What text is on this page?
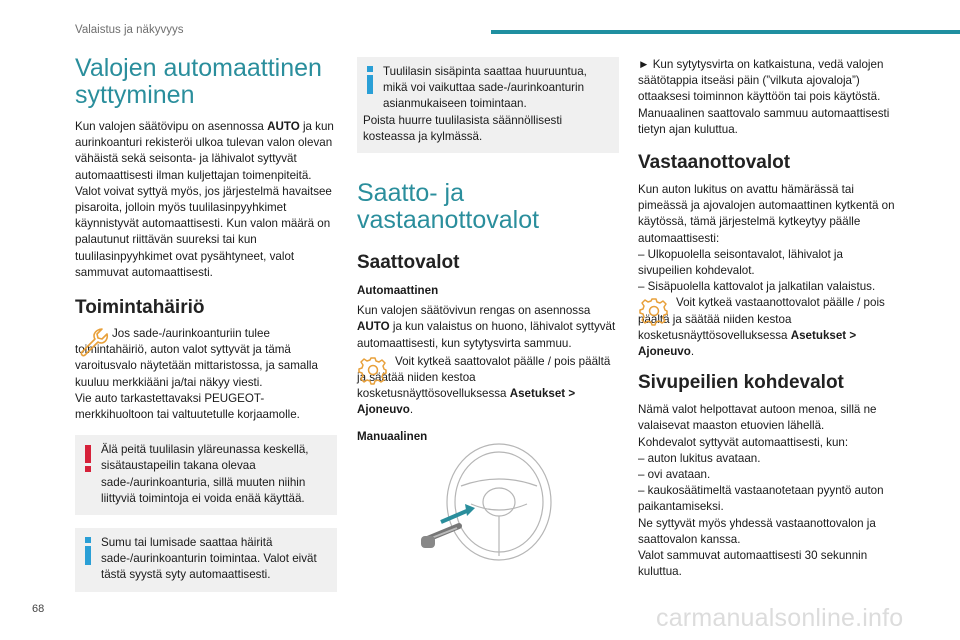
Valaistus ja näkyvyys
Valojen automaattinen syttyminen

Kun valojen säätövipu on asennossa AUTO ja kun aurinkoanturi rekisteröi ulkoa tulevan valon olevan vähäistä sekä seisonta- ja lähivalot syttyvät automaattisesti ilman kuljettajan toimenpiteitä. Valot voivat syttyä myös, jos järjestelmä havaitsee pisaroita, jolloin myös tuulilasinpyyhkimet käynnistyvät automaattisesti. Kun valon määrä on palautunut riittävän suureksi tai kun tuulilasinpyyhkimet ovat pysähtyneet, valot sammuvat automaattisesti.

Toimintahäiriö

Jos sade-/aurinkoanturiin tulee toimintahäiriö, auton valot syttyvät ja tämä varoitusvalo näytetään mittaristossa, ja samalla kuuluu merkkiääni ja/tai näkyy viesti.

Vie auto tarkastettavaksi PEUGEOT-merkkihuoltoon tai valtuutetulle korjaamolle.

Älä peitä tuulilasin yläreunassa keskellä, sisätaustapeilin takana olevaa sade-/aurinkoanturia, sillä muuten niihin liittyviä toimintoja ei voida enää käyttää.
Sumu tai lumisade saattaa häiritä sade-/aurinkoanturin toimintaa. Valot eivät tästä syystä syty automaattisesti.
Tuulilasin sisäpinta saattaa huuruuntua, mikä voi vaikuttaa sade-/aurinkoanturin asianmukaiseen toimintaan.
Poista huurre tuulilasista säännöllisesti kosteassa ja kylmässä.
Saatto- ja vastaanottovalot
Saattovalot

Automaattinen

Kun valojen säätövivun rengas on asennossa AUTO ja kun valaistus on huono, lähivalot syttyvät automaattisesti, kun sytytysvirta sammuu.

Voit kytkeä saattovalot päälle / pois päältä ja säätää niiden kestoa kosketusnäyttösovelluksessa Asetukset > Ajoneuvo.

Manuaalinen

► Kun sytytysvirta on katkaistuna, vedä valojen säätötappia itseäsi päin (”vilkuta ajovaloja”) ottaaksesi toiminnon käyttöön tai pois käytöstä. Manuaalinen saattovalo sammuu automaattisesti tietyn ajan kuluttua.

Vastaanottovalot

Kun auton lukitus on avattu hämärässä tai pimeässä ja ajovalojen automaattinen kytkentä on käytössä, tämä järjestelmä kytkeytyy päälle automaattisesti:

– Ulkopuolella seisontavalot, lähivalot ja sivupeilien kohdevalot.

– Sisäpuolella kattovalot ja jalkatilan valaistus.

Voit kytkeä vastaanottovalot päälle / pois päältä ja säätää niiden kestoa kosketusnäyttösovelluksessa Asetukset > Ajoneuvo.

Sivupeilien kohdevalot

Nämä valot helpottavat autoon menoa, sillä ne valaisevat maaston etuovien lähellä.

Kohdevalot syttyvät automaattisesti, kun:

– auton lukitus avataan.

– ovi avataan.

– kaukosäätimeltä vastaanotetaan pyyntö auton paikantamiseksi.

Ne syttyvät myös yhdessä vastaanottovalon ja saattovalon kanssa.

Valot sammuvat automaattisesti 30 sekunnin kuluttua.

68	carmanualsonline.info
